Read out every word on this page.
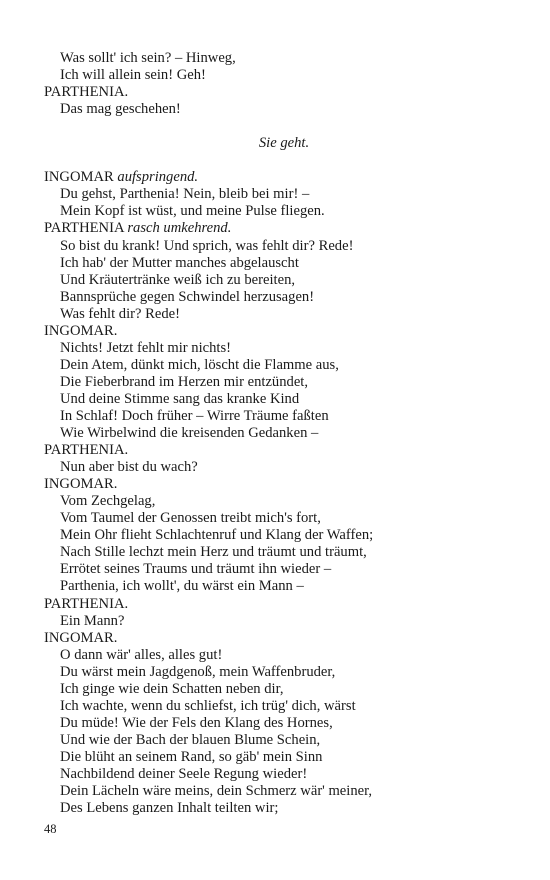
Was sollt' ich sein? – Hinweg,
Ich will allein sein! Geh!
PARTHENIA.
Das mag geschehen!
Sie geht.
INGOMAR aufspringend.
Du gehst, Parthenia! Nein, bleib bei mir! –
Mein Kopf ist wüst, und meine Pulse fliegen.
PARTHENIA rasch umkehrend.
So bist du krank! Und sprich, was fehlt dir? Rede!
Ich hab' der Mutter manches abgelauscht
Und Kräutertränke weiß ich zu bereiten,
Bannsprüche gegen Schwindel herzusagen!
Was fehlt dir? Rede!
INGOMAR.
Nichts! Jetzt fehlt mir nichts!
Dein Atem, dünkt mich, löscht die Flamme aus,
Die Fieberbrand im Herzen mir entzündet,
Und deine Stimme sang das kranke Kind
In Schlaf! Doch früher – Wirre Träume faßten
Wie Wirbelwind die kreisenden Gedanken –
PARTHENIA.
Nun aber bist du wach?
INGOMAR.
Vom Zechgelag,
Vom Taumel der Genossen treibt mich's fort,
Mein Ohr flieht Schlachtenruf und Klang der Waffen;
Nach Stille lechzt mein Herz und träumt und träumt,
Errötet seines Traums und träumt ihn wieder –
Parthenia, ich wollt', du wärst ein Mann –
PARTHENIA.
Ein Mann?
INGOMAR.
O dann wär' alles, alles gut!
Du wärst mein Jagdgenoß, mein Waffenbruder,
Ich ginge wie dein Schatten neben dir,
Ich wachte, wenn du schliefst, ich trüg' dich, wärst
Du müde! Wie der Fels den Klang des Hornes,
Und wie der Bach der blauen Blume Schein,
Die blüht an seinem Rand, so gäb' mein Sinn
Nachbildend deiner Seele Regung wieder!
Dein Lächeln wäre meins, dein Schmerz wär' meiner,
Des Lebens ganzen Inhalt teilten wir;
48
